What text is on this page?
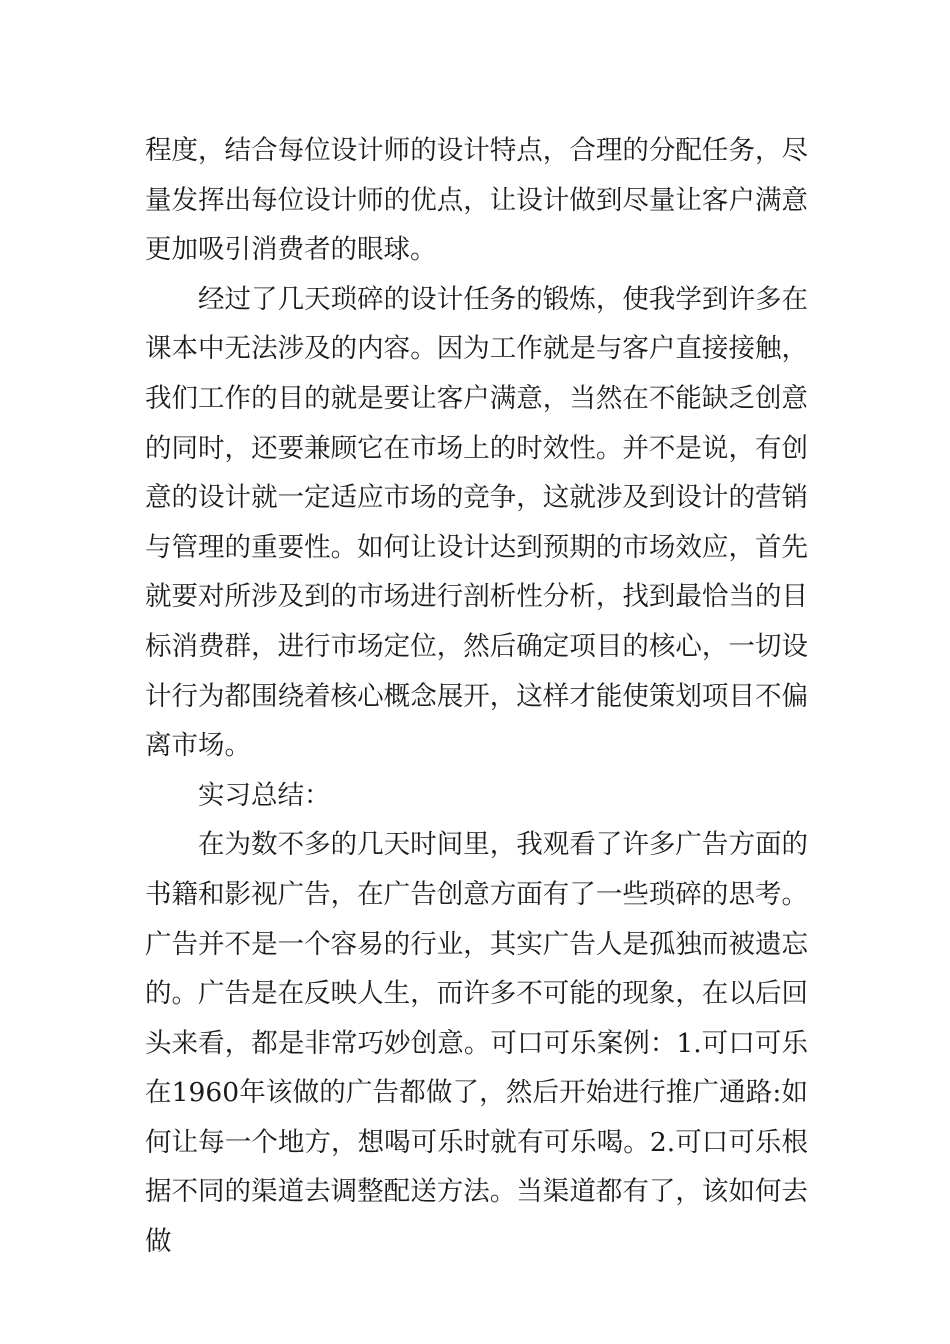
程度，结合每位设计师的设计特点，合理的分配任务，尽量发挥出每位设计师的优点，让设计做到尽量让客户满意更加吸引消费者的眼球。

经过了几天琐碎的设计任务的锻炼，使我学到许多在课本中无法涉及的内容。因为工作就是与客户直接接触，我们工作的目的就是要让客户满意，当然在不能缺乏创意的同时，还要兼顾它在市场上的时效性。并不是说，有创意的设计就一定适应市场的竞争，这就涉及到设计的营销与管理的重要性。如何让设计达到预期的市场效应，首先就要对所涉及到的市场进行剖析性分析，找到最恰当的目标消费群，进行市场定位，然后确定项目的核心，一切设计行为都围绕着核心概念展开，这样才能使策划项目不偏离市场。

实习总结：

在为数不多的几天时间里，我观看了许多广告方面的书籍和影视广告，在广告创意方面有了一些琐碎的思考。广告并不是一个容易的行业，其实广告人是孤独而被遗忘的。广告是在反映人生，而许多不可能的现象，在以后回头来看，都是非常巧妙创意。可口可乐案例：1.可口可乐在1960年该做的广告都做了，然后开始进行推广通路:如何让每一个地方，想喝可乐时就有可乐喝。2.可口可乐根据不同的渠道去调整配送方法。当渠道都有了，该如何去做
